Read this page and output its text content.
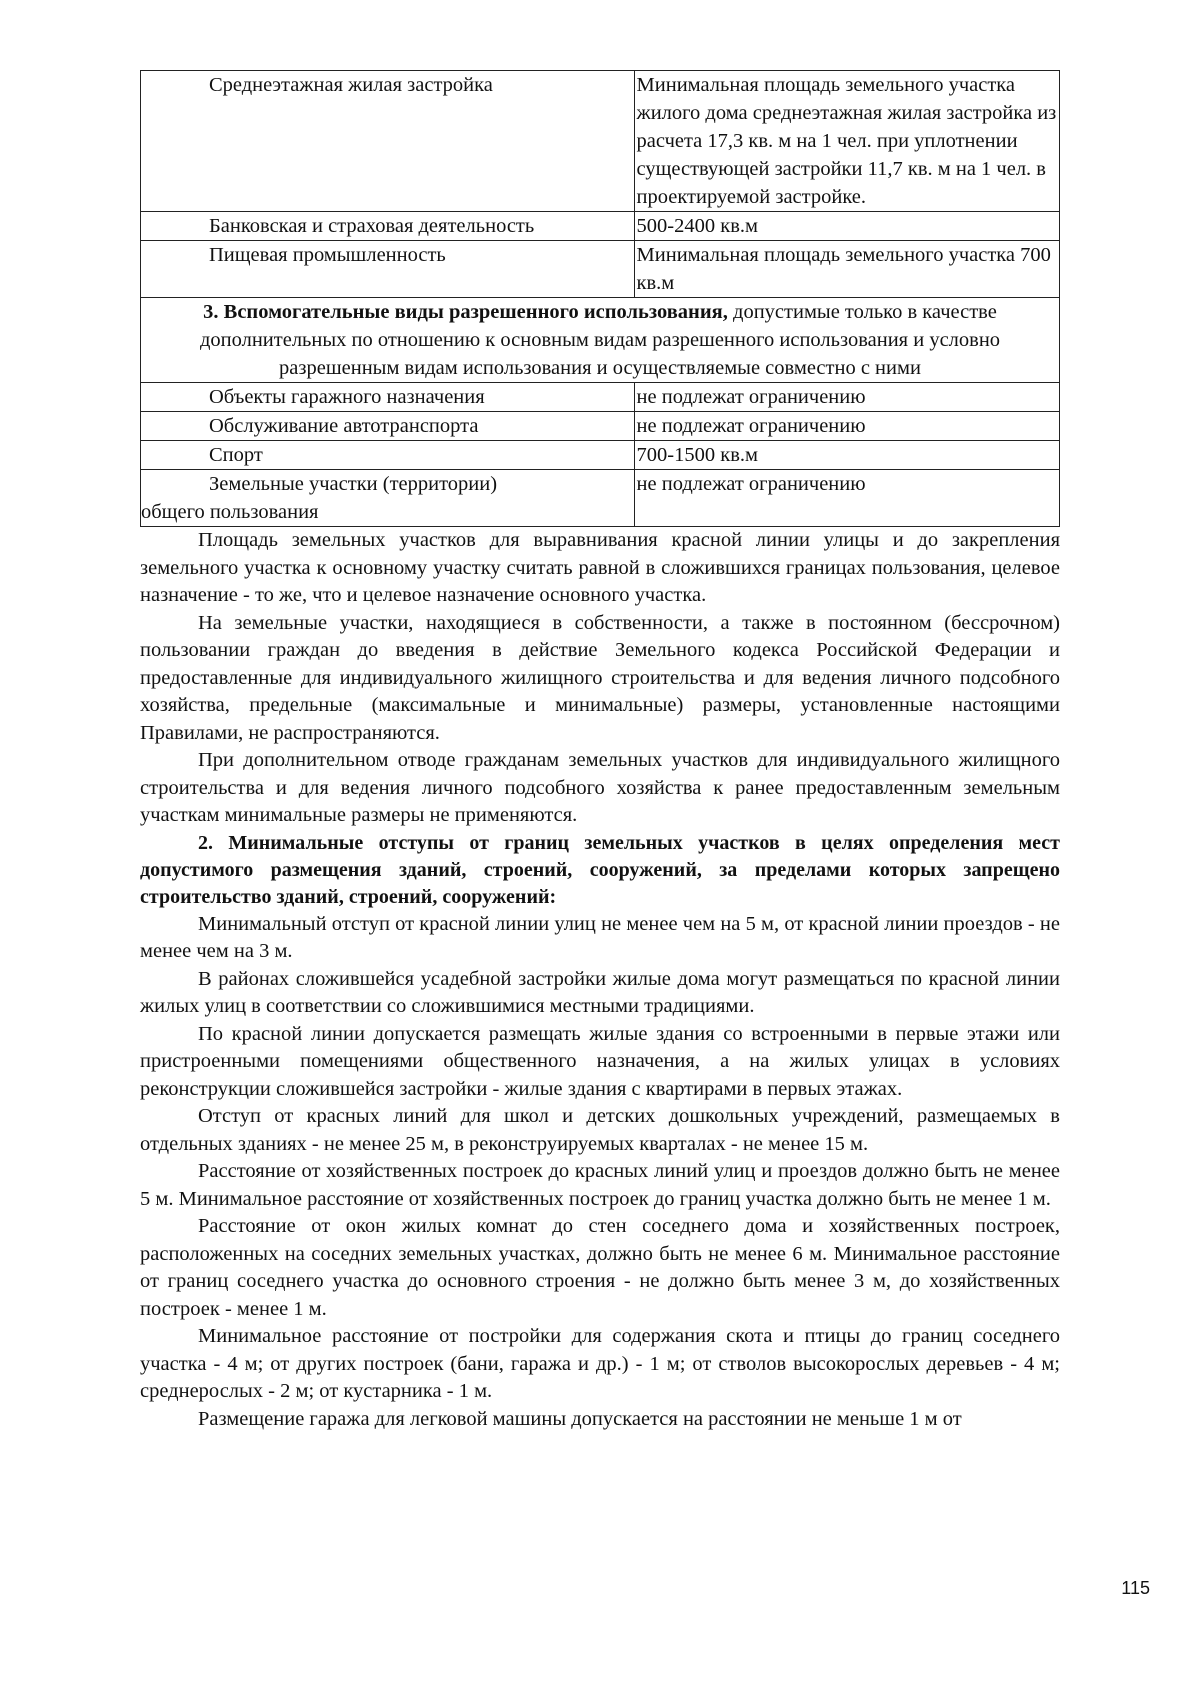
Среднеэтажная жилая застройка	Минимальная площадь земельного участка жилого дома среднеэтажная жилая застройка из расчета 17,3 кв. м на 1 чел. при уплотнении существующей застройки 11,7 кв. м на 1 чел. в проектируемой застройке.
Банковская и страховая деятельность	500-2400 кв.м
Пищевая промышленность	Минимальная площадь земельного участка 700 кв.м
3. Вспомогательные виды разрешенного использования, допустимые только в качестве дополнительных по отношению к основным видам разрешенного использования и условно разрешенным видам использования и осуществляемые совместно с ними	
Объекты гаражного назначения	не подлежат ограничению
Обслуживание автотранспорта	не подлежат ограничению
Спорт	700-1500 кв.м

Земельные участки (территории)
общего пользования	не подлежат ограничению

Площадь земельных участков для выравнивания красной линии улицы и до закрепления земельного участка к основному участку считать равной в сложившихся границах пользования, целевое назначение - то же, что и целевое назначение основного участка.

На земельные участки, находящиеся в собственности, а также в постоянном (бессрочном) пользовании граждан до введения в действие Земельного кодекса Российской Федерации и предоставленные для индивидуального жилищного строительства и для ведения личного подсобного хозяйства, предельные (максимальные и минимальные) размеры, установленные настоящими Правилами, не распространяются.

При дополнительном отводе гражданам земельных участков для индивидуального жилищного строительства и для ведения личного подсобного хозяйства к ранее предоставленным земельным участкам минимальные размеры не применяются.

2. Минимальные отступы от границ земельных участков в целях определения мест допустимого размещения зданий, строений, сооружений, за пределами которых запрещено строительство зданий, строений, сооружений:

Минимальный отступ от красной линии улиц не менее чем на 5 м, от красной линии проездов - не менее чем на 3 м.

В районах сложившейся усадебной застройки жилые дома могут размещаться по красной линии жилых улиц в соответствии со сложившимися местными традициями.

По красной линии допускается размещать жилые здания со встроенными в первые этажи или пристроенными помещениями общественного назначения, а на жилых улицах в условиях реконструкции сложившейся застройки - жилые здания с квартирами в первых этажах.

Отступ от красных линий для школ и детских дошкольных учреждений, размещаемых в отдельных зданиях - не менее 25 м, в реконструируемых кварталах - не менее 15 м.

Расстояние от хозяйственных построек до красных линий улиц и проездов должно быть не менее 5 м. Минимальное расстояние от хозяйственных построек до границ участка должно быть не менее 1 м.

Расстояние от окон жилых комнат до стен соседнего дома и хозяйственных построек, расположенных на соседних земельных участках, должно быть не менее 6 м. Минимальное расстояние от границ соседнего участка до основного строения - не должно быть менее 3 м, до хозяйственных построек - менее 1 м.

Минимальное расстояние от постройки для содержания скота и птицы до границ соседнего участка - 4 м; от других построек (бани, гаража и др.) - 1 м; от стволов высокорослых деревьев - 4 м; среднерослых - 2 м; от кустарника - 1 м.

Размещение гаража для легковой машины допускается на расстоянии не меньше 1 м от

115
